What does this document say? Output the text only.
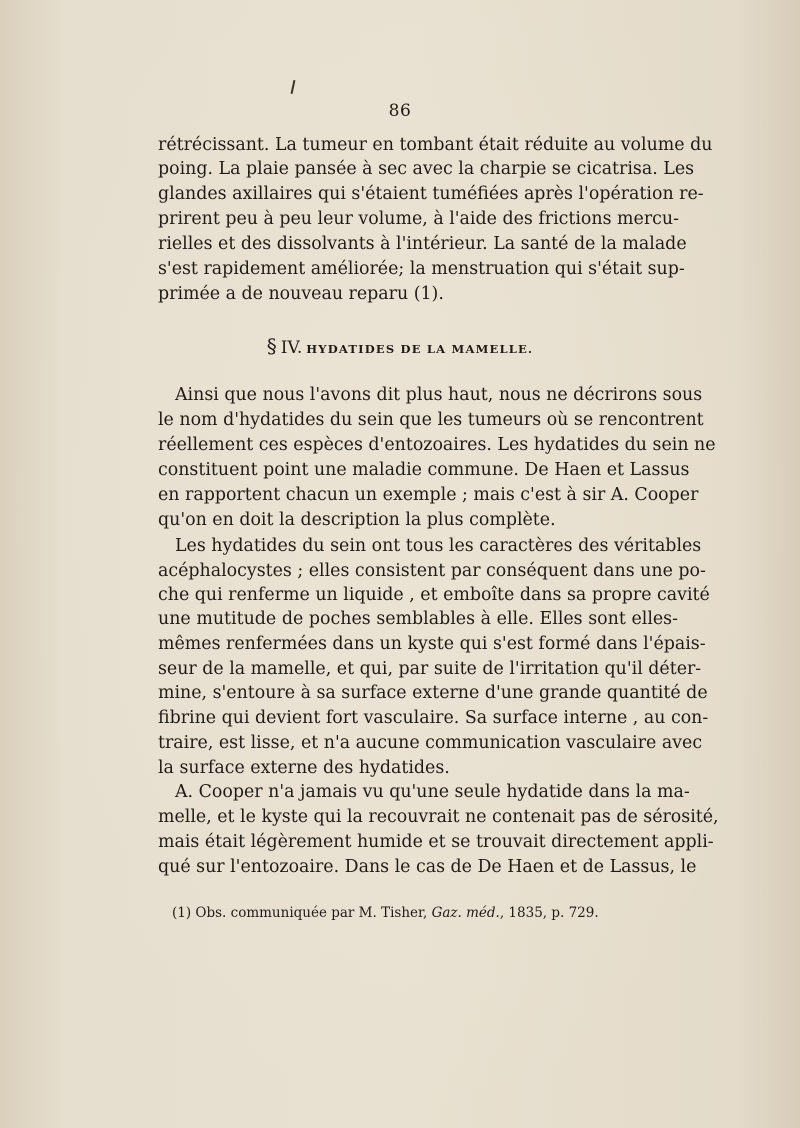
86
rétrécissant. La tumeur en tombant était réduite au volume du
poing. La plaie pansée à sec avec la charpie se cicatrisa. Les
glandes axillaires qui s'étaient tuméfiées après l'opération re-
prirent peu à peu leur volume, à l'aide des frictions mercu-
rielles et des dissolvants à l'intérieur. La santé de la malade
s'est rapidement améliorée; la menstruation qui s'était sup-
primée a de nouveau reparu (1).
§ IV. HYDATIDES DE LA MAMELLE.
Ainsi que nous l'avons dit plus haut, nous ne décrirons sous
le nom d'hydatides du sein que les tumeurs où se rencontrent
réellement ces espèces d'entozoaires. Les hydatides du sein ne
constituent point une maladie commune. De Haen et Lassus
en rapportent chacun un exemple ; mais c'est à sir A. Cooper
qu'on en doit la description la plus complète.
Les hydatides du sein ont tous les caractères des véritables
acéphalocystes ; elles consistent par conséquent dans une po-
che qui renferme un liquide , et emboîte dans sa propre cavité
une mutitude de poches semblables à elle. Elles sont elles-
mêmes renfermées dans un kyste qui s'est formé dans l'épais-
seur de la mamelle, et qui, par suite de l'irritation qu'il déter-
mine, s'entoure à sa surface externe d'une grande quantité de
fibrine qui devient fort vasculaire. Sa surface interne , au con-
traire, est lisse, et n'a aucune communication vasculaire avec
la surface externe des hydatides.
A. Cooper n'a jamais vu qu'une seule hydatide dans la ma-
melle, et le kyste qui la recouvrait ne contenait pas de sérosité,
mais était légèrement humide et se trouvait directement appli-
qué sur l'entozoaire. Dans le cas de De Haen et de Lassus, le
(1) Obs. communiquée par M. Tisher, Gaz. méd., 1835, p. 729.
